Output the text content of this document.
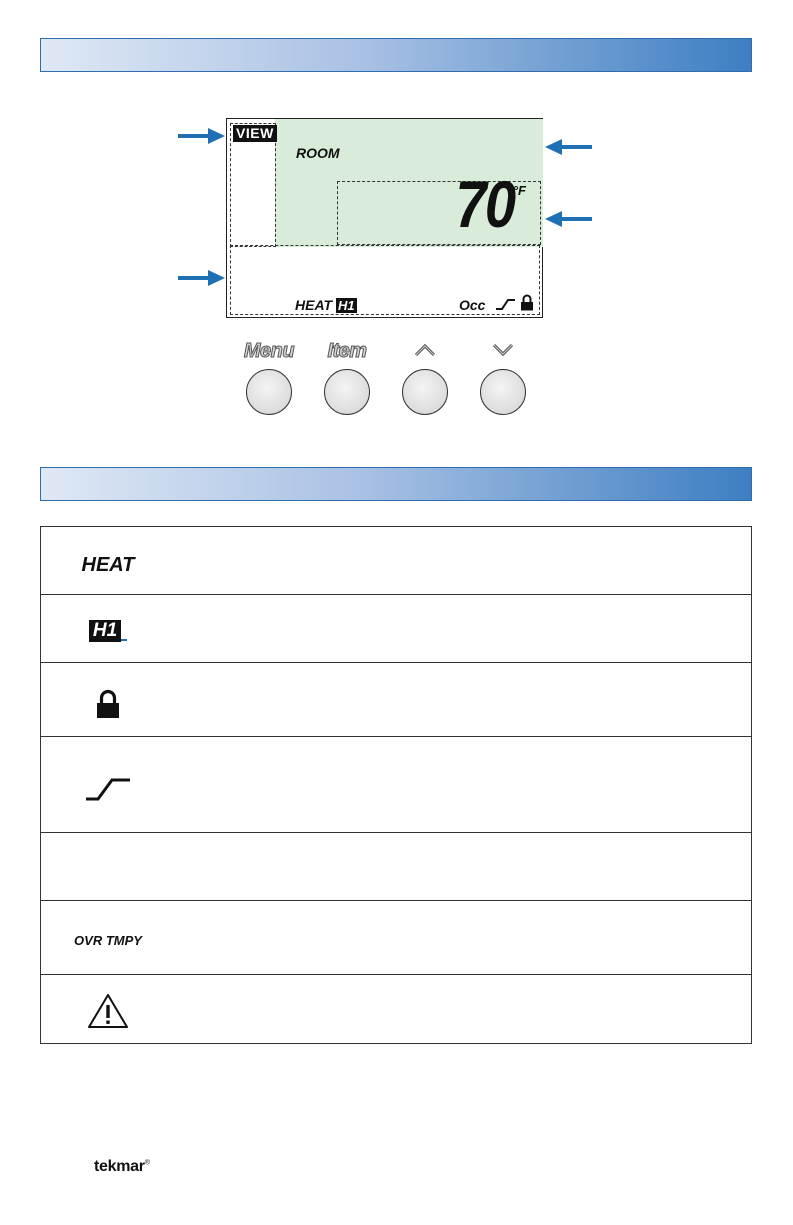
VIEW
ROOM
70
°F
HEAT H1	Occ
Menu	Item
HEAT
H1
OVR TMPY
tekmar®
